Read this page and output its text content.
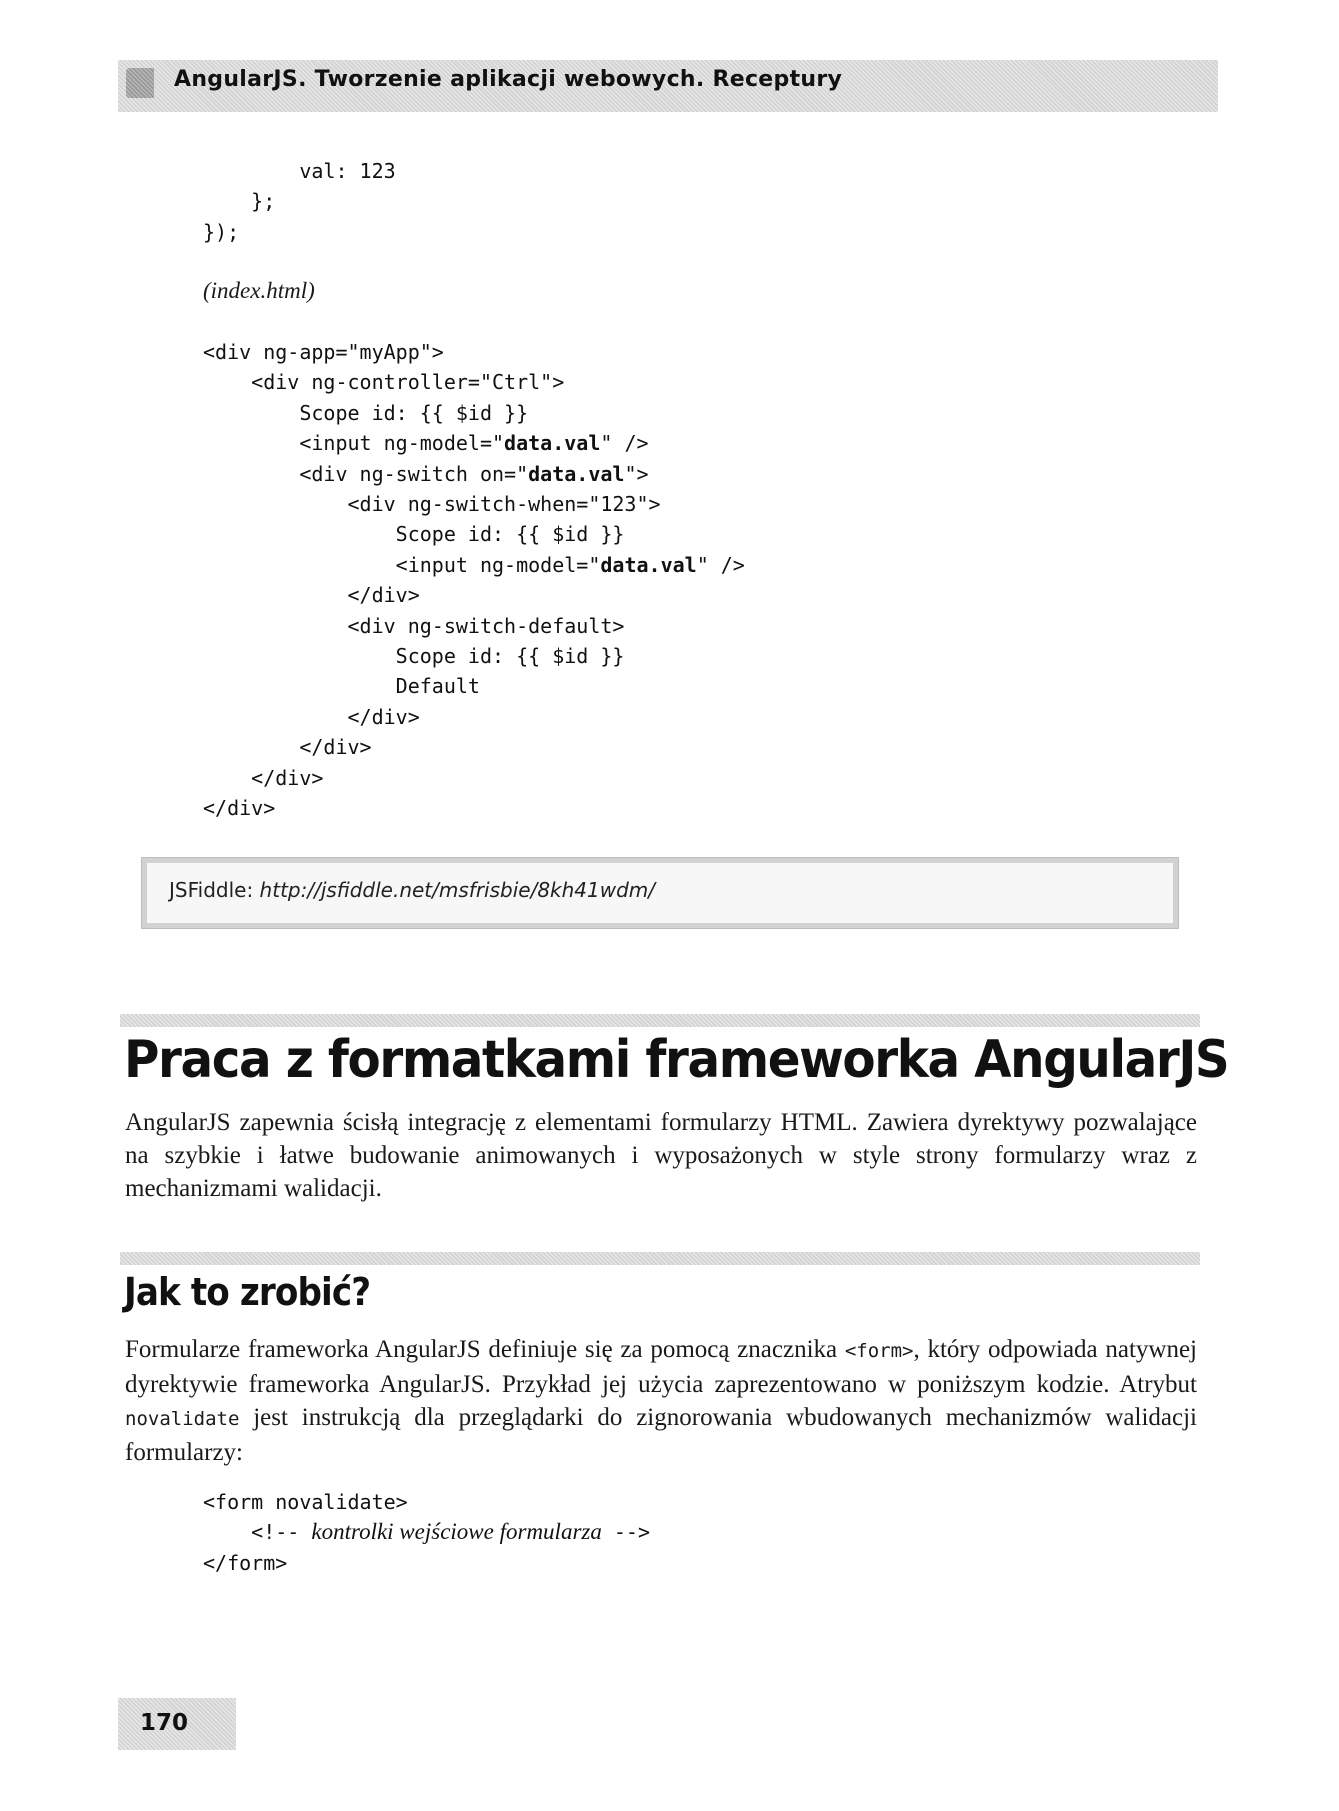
AngularJS. Tworzenie aplikacji webowych. Receptury
val: 123
};
});
(index.html)
<div ng-app="myApp">
<div ng-controller="Ctrl">
Scope id: {{ $id }}
<input ng-model="data.val" />
<div ng-switch on="data.val">
<div ng-switch-when="123">
Scope id: {{ $id }}
<input ng-model="data.val" />
</div>
<div ng-switch-default>
Scope id: {{ $id }}
Default
</div>
</div>
</div>
</div>
JSFiddle: http://jsfiddle.net/msfrisbie/8kh41wdm/
Praca z formatkami frameworka AngularJS

AngularJS zapewnia ścisłą integrację z elementami formularzy HTML. Zawiera dyrektywy pozwalające na szybkie i łatwe budowanie animowanych i wyposażonych w style strony formularzy wraz z mechanizmami walidacji.

Jak to zrobić?

Formularze frameworka AngularJS definiuje się za pomocą znacznika <form>, który odpowiada natywnej dyrektywie frameworka AngularJS. Przykład jej użycia zaprezentowano w poniższym kodzie. Atrybut novalidate jest instrukcją dla przeglądarki do zignorowania wbudowanych mechanizmów walidacji formularzy:

<form novalidate>
<!-- kontrolki wejściowe formularza -->
</form>
170
